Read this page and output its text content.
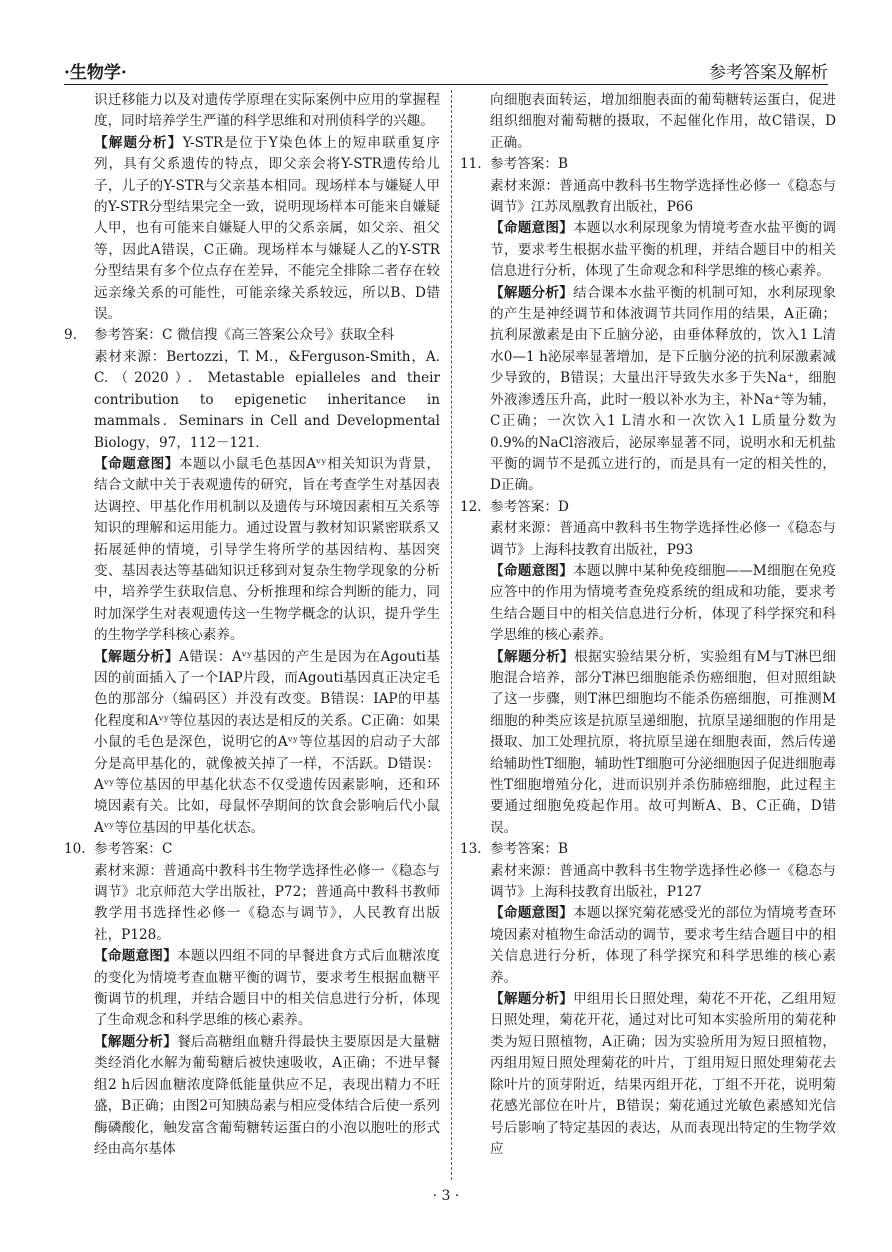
·生物学·	参考答案及解析

识迁移能力以及对遗传学原理在实际案例中应用的掌握程度，同时培养学生严谨的科学思维和对刑侦科学的兴趣。

【解题分析】Y-STR是位于Y染色体上的短串联重复序列，具有父系遗传的特点，即父亲会将Y-STR遗传给儿子，儿子的Y-STR与父亲基本相同。现场样本与嫌疑人甲的Y-STR分型结果完全一致，说明现场样本可能来自嫌疑人甲，也有可能来自嫌疑人甲的父系亲属，如父亲、祖父等，因此A错误，C正确。现场样本与嫌疑人乙的Y-STR分型结果有多个位点存在差异，不能完全排除二者存在较远亲缘关系的可能性，可能亲缘关系较远，所以B、D错误。

9. 参考答案：C 微信搜《高三答案公众号》获取全科

素材来源：Bertozzi，T. M.，&Ferguson-Smith，A. C.（2020）．Metastable epialleles and their contribution to epigenetic inheritance in mammals．Seminars in Cell and Developmental Biology，97，112－121．

【命题意图】本题以小鼠毛色基因Aᵛʸ相关知识为背景，结合文献中关于表观遗传的研究，旨在考查学生对基因表达调控、甲基化作用机制以及遗传与环境因素相互关系等知识的理解和运用能力。通过设置与教材知识紧密联系又拓展延伸的情境，引导学生将所学的基因结构、基因突变、基因表达等基础知识迁移到对复杂生物学现象的分析中，培养学生获取信息、分析推理和综合判断的能力，同时加深学生对表观遗传这一生物学概念的认识，提升学生的生物学学科核心素养。

【解题分析】A错误：Aᵛʸ基因的产生是因为在Agouti基因的前面插入了一个IAP片段，而Agouti基因真正决定毛色的那部分（编码区）并没有改变。B错误：IAP的甲基化程度和Aᵛʸ等位基因的表达是相反的关系。C正确：如果小鼠的毛色是深色，说明它的Aᵛʸ等位基因的启动子大部分是高甲基化的，就像被关掉了一样，不活跃。D错误：Aᵛʸ等位基因的甲基化状态不仅受遗传因素影响，还和环境因素有关。比如，母鼠怀孕期间的饮食会影响后代小鼠Aᵛʸ等位基因的甲基化状态。

10. 参考答案：C

素材来源：普通高中教科书生物学选择性必修一《稳态与调节》北京师范大学出版社，P72；普通高中教科书教师教学用书选择性必修一《稳态与调节》，人民教育出版社，P128。

【命题意图】本题以四组不同的早餐进食方式后血糖浓度的变化为情境考查血糖平衡的调节，要求考生根据血糖平衡调节的机理，并结合题目中的相关信息进行分析，体现了生命观念和科学思维的核心素养。

【解题分析】餐后高糖组血糖升得最快主要原因是大量糖类经消化水解为葡萄糖后被快速吸收，A正确；不进早餐组2 h后因血糖浓度降低能量供应不足，表现出精力不旺盛，B正确；由图2可知胰岛素与相应受体结合后使一系列酶磷酸化，触发富含葡萄糖转运蛋白的小泡以胞吐的形式经由高尔基体

向细胞表面转运，增加细胞表面的葡萄糖转运蛋白，促进组织细胞对葡萄糖的摄取，不起催化作用，故C错误，D正确。

11. 参考答案：B

素材来源：普通高中教科书生物学选择性必修一《稳态与调节》江苏凤凰教育出版社，P66

【命题意图】本题以水利尿现象为情境考查水盐平衡的调节，要求考生根据水盐平衡的机理，并结合题目中的相关信息进行分析，体现了生命观念和科学思维的核心素养。

【解题分析】结合课本水盐平衡的机制可知，水利尿现象的产生是神经调节和体液调节共同作用的结果，A正确；抗利尿激素是由下丘脑分泌，由垂体释放的，饮入1 L清水0—1 h泌尿率显著增加，是下丘脑分泌的抗利尿激素减少导致的，B错误；大量出汗导致失水多于失Na⁺，细胞外液渗透压升高，此时一般以补水为主，补Na⁺等为辅，C正确；一次饮入1 L清水和一次饮入1 L质量分数为0.9%的NaCl溶液后，泌尿率显著不同，说明水和无机盐平衡的调节不是孤立进行的，而是具有一定的相关性的，D正确。

12. 参考答案：D

素材来源：普通高中教科书生物学选择性必修一《稳态与调节》上海科技教育出版社，P93

【命题意图】本题以脾中某种免疫细胞——M细胞在免疫应答中的作用为情境考查免疫系统的组成和功能，要求考生结合题目中的相关信息进行分析，体现了科学探究和科学思维的核心素养。

【解题分析】根据实验结果分析，实验组有M与T淋巴细胞混合培养，部分T淋巴细胞能杀伤癌细胞，但对照组缺了这一步骤，则T淋巴细胞均不能杀伤癌细胞，可推测M细胞的种类应该是抗原呈递细胞，抗原呈递细胞的作用是摄取、加工处理抗原，将抗原呈递在细胞表面，然后传递给辅助性T细胞，辅助性T细胞可分泌细胞因子促进细胞毒性T细胞增殖分化，进而识别并杀伤肺癌细胞，此过程主要通过细胞免疫起作用。故可判断A、B、C正确，D错误。

13. 参考答案：B

素材来源：普通高中教科书生物学选择性必修一《稳态与调节》上海科技教育出版社，P127

【命题意图】本题以探究菊花感受光的部位为情境考查环境因素对植物生命活动的调节，要求考生结合题目中的相关信息进行分析，体现了科学探究和科学思维的核心素养。

【解题分析】甲组用长日照处理，菊花不开花，乙组用短日照处理，菊花开花，通过对比可知本实验所用的菊花种类为短日照植物，A正确；因为实验所用为短日照植物，丙组用短日照处理菊花的叶片，丁组用短日照处理菊花去除叶片的顶芽附近，结果丙组开花，丁组不开花，说明菊花感光部位在叶片，B错误；菊花通过光敏色素感知光信号后影响了特定基因的表达，从而表现出特定的生物学效应

· 3 ·
